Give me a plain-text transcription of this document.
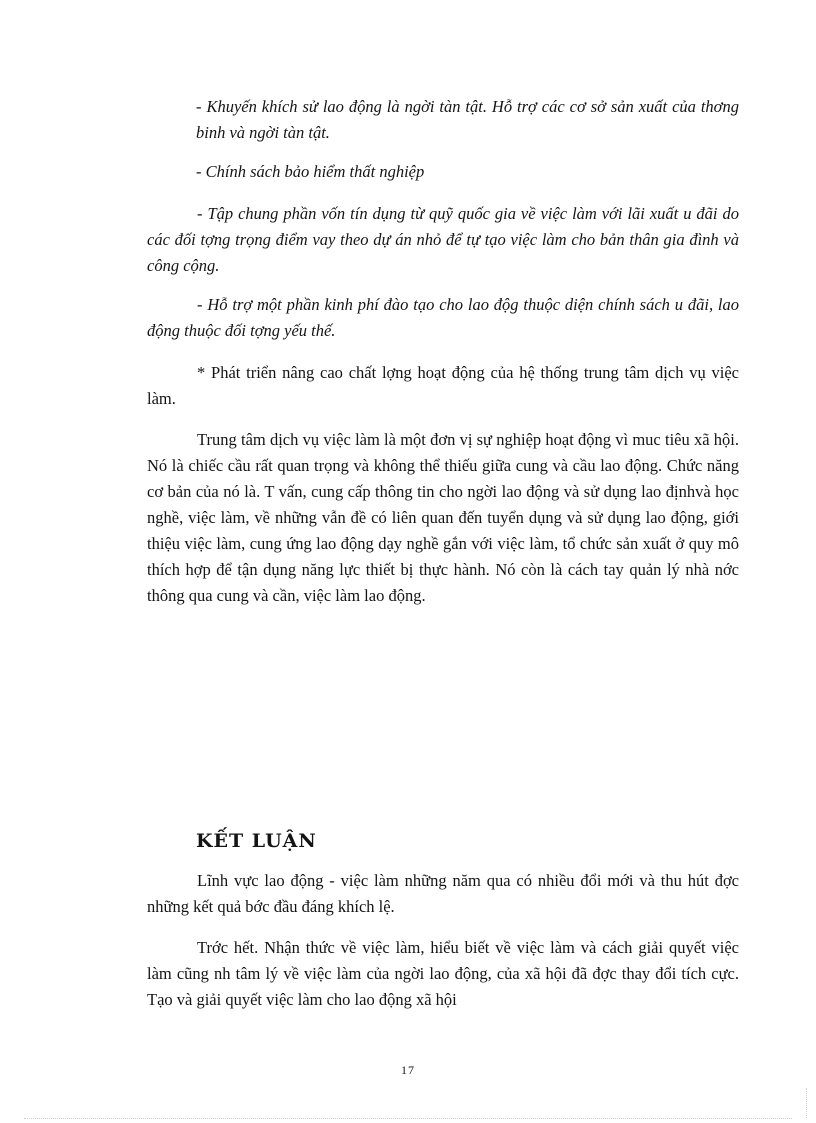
- Khuyến khích sử lao động là ngời tàn tật. Hỗ trợ các cơ sở sản xuất của thơng binh và ngời tàn tật.

- Chính sách bảo hiểm thất nghiệp

- Tập chung phần vốn tín dụng từ quỹ quốc gia về việc làm với lãi xuất u đãi do các đối tợng trọng điểm vay theo dự án nhỏ để tự tạo việc làm cho bản thân gia đình và công cộng.

- Hỗ trợ một phần kinh phí đào tạo cho lao độg thuộc diện chính sách u đãi, lao động thuộc đối tợng yếu thế.

* Phát triển nâng cao chất lợng hoạt động của hệ thống trung tâm dịch vụ việc làm.

Trung tâm dịch vụ việc làm là một đơn vị sự nghiệp hoạt động vì muc tiêu xã hội. Nó là chiếc cầu rất quan trọng và không thể thiếu giữa cung và cầu lao động. Chức năng cơ bản của nó là. T vấn, cung cấp thông tin cho ngời lao động và sử dụng lao địnhvà học nghề, việc làm, về những vẫn đề có liên quan đến tuyển dụng và sử dụng lao động, giới thiệu việc làm, cung ứng lao động dạy nghề gắn với việc làm, tổ chức sản xuất ở quy mô thích hợp để tận dụng năng lực thiết bị thực hành. Nó còn là cách tay quản lý nhà nớc thông qua cung và cần, việc làm lao động.

KẾT LUẬN

Lĩnh vực lao động - việc làm những năm qua có nhiều đổi mới và thu hút đợc những kết quả bớc đầu đáng khích lệ.

Trớc hết. Nhận thức về việc làm, hiểu biết về việc làm và cách giải quyết việc làm cũng nh tâm lý về việc làm của ngời lao động, của xã hội đã đợc thay đổi tích cực. Tạo và giải quyết việc làm cho lao động xã hội

17
